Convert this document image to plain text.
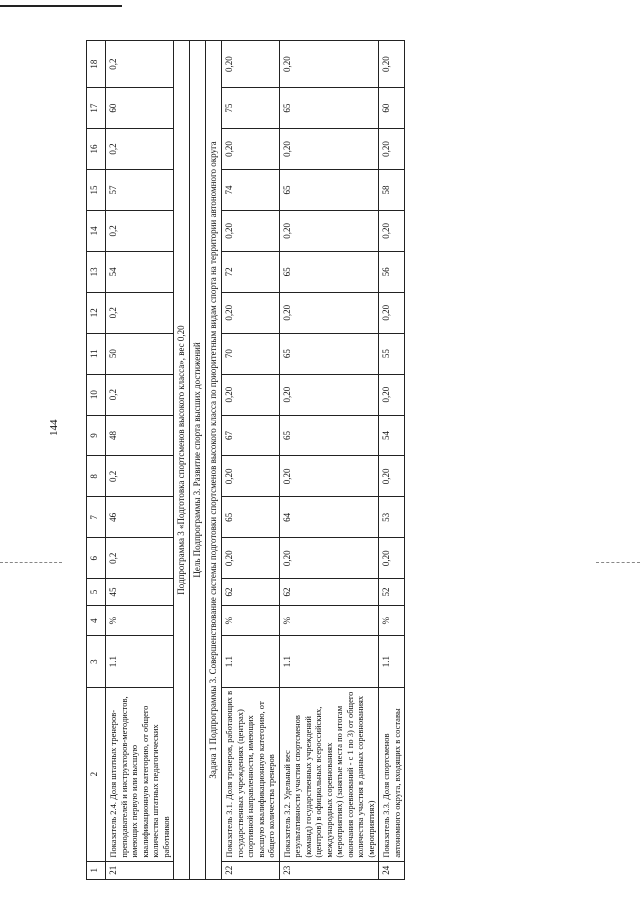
144
1	2	3	4	5	6	7	8	9	10	11	12	13	14	15	16	17	18
21	Показатель 2.4. Доля штатных тренеров-преподавателей и инструкторов-методистов, имеющих первую или высшую квалификационную категорию, от общего количества штатных педагогических работников	1.1	%	45	0,2	46	0,2	48	0,2	50	0,2	54	0,2	57	0,2	60	0,2
Подпрограмма 3 «Подготовка спортсменов высокого класса», вес 0,20																	
Цель Подпрограммы 3. Развитие спорта высших достижений																	
Задача 1 Подпрограммы 3. Совершенствование системы подготовки спортсменов высокого класса по приоритетным видам спорта на территории автономного округа																	
22	Показатель 3.1. Доля тренеров, работающих в государственных учреждениях (центрах) спортивной направленности, имеющих высшую квалификационную категорию, от общего количества тренеров	1.1	%	62	0,20	65	0,20	67	0,20	70	0,20	72	0,20	74	0,20	75	0,20
23	Показатель 3.2. Удельный вес результативности участия спортсменов (команд) государственных учреждений (центров) в официальных всероссийских, международных соревнованиях (мероприятиях) (занятые места по итогам окончания соревнований - с 1 по 3) от общего количества участия в данных соревнованиях (мероприятиях)	1.1	%	62	0,20	64	0,20	65	0,20	65	0,20	65	0,20	65	0,20	65	0,20
24	Показатель 3.3. Доля спортсменов автономного округа, входящих в составы	1.1	%	52	0,20	53	0,20	54	0,20	55	0,20	56	0,20	58	0,20	60	0,20
